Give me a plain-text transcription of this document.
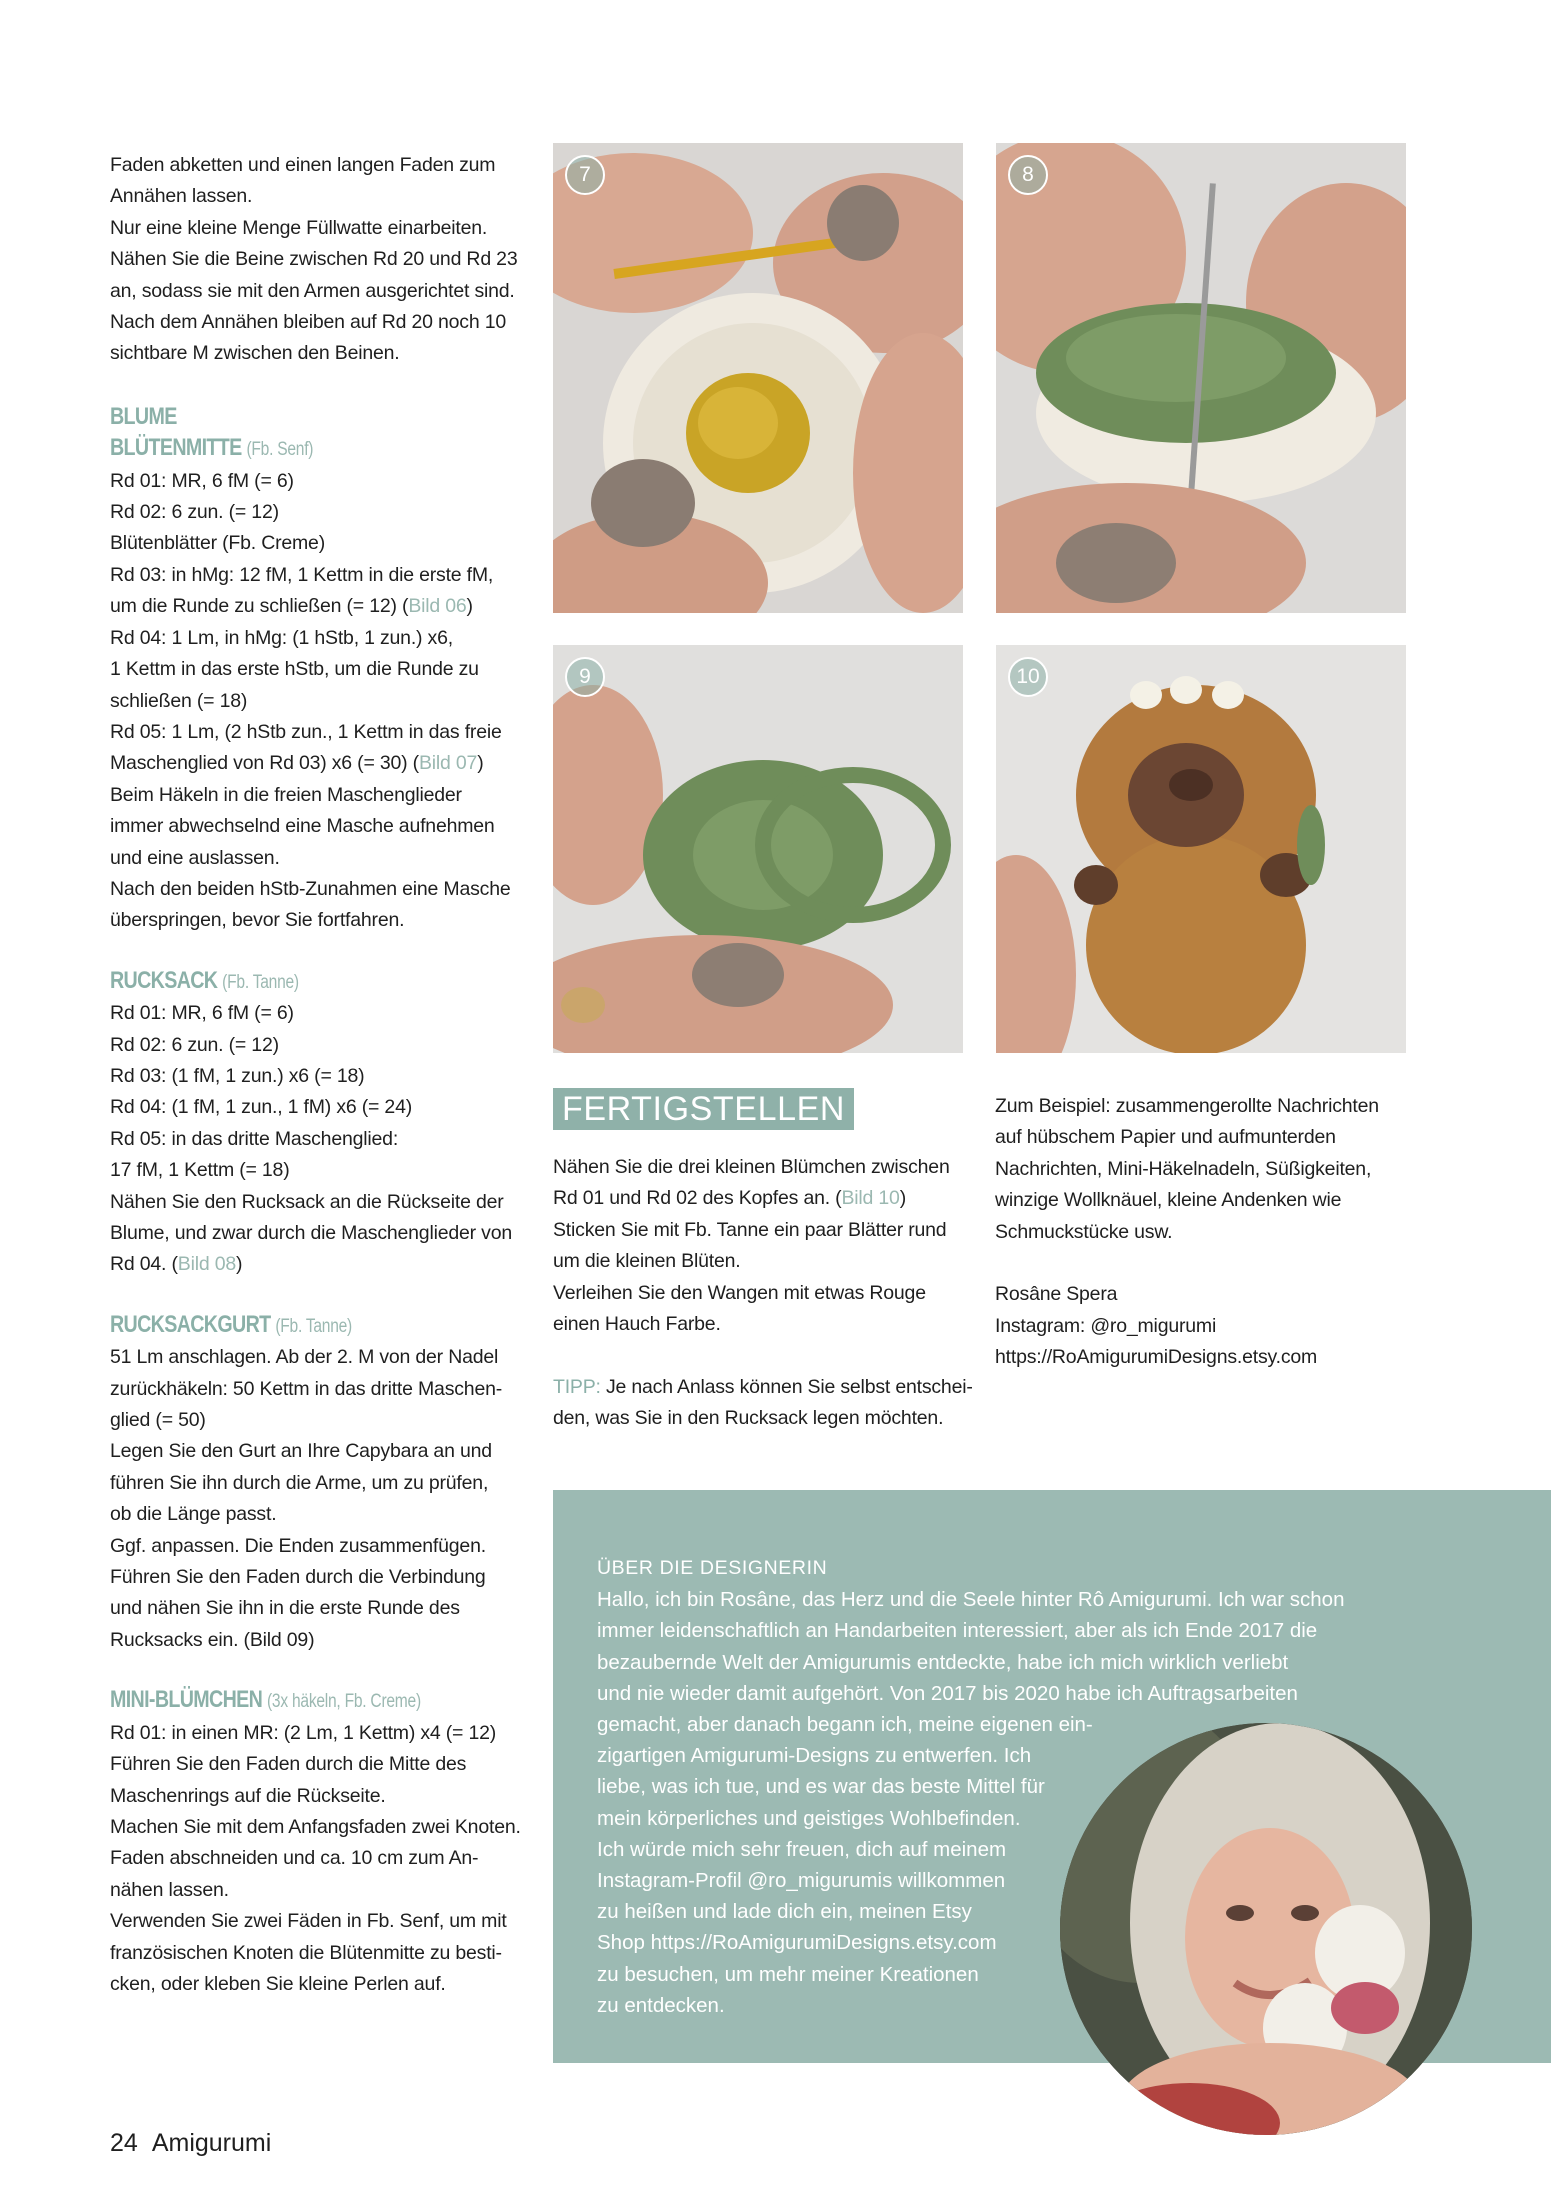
Faden abketten und einen langen Faden zum

Annähen lassen.

Nur eine kleine Menge Füllwatte einarbeiten.

Nähen Sie die Beine zwischen Rd 20 und Rd 23

an, sodass sie mit den Armen ausgerichtet sind.

Nach dem Annähen bleiben auf Rd 20 noch 10

sichtbare M zwischen den Beinen.

BLUME
BLÜTENMITTE (Fb. Senf)

Rd 01: MR, 6 fM (= 6)

Rd 02: 6 zun. (= 12)

Blütenblätter (Fb. Creme)

Rd 03: in hMg: 12 fM, 1 Kettm in die erste fM,

um die Runde zu schließen (= 12) (Bild 06)

Rd 04: 1 Lm, in hMg: (1 hStb, 1 zun.) x6,

1 Kettm in das erste hStb, um die Runde zu

schließen (= 18)

Rd 05: 1 Lm, (2 hStb zun., 1 Kettm in das freie

Maschenglied von Rd 03) x6 (= 30) (Bild 07)

Beim Häkeln in die freien Maschenglieder

immer abwechselnd eine Masche aufnehmen

und eine auslassen.

Nach den beiden hStb-Zunahmen eine Masche

überspringen, bevor Sie fortfahren.

RUCKSACK (Fb. Tanne)

Rd 01: MR, 6 fM (= 6)

Rd 02: 6 zun. (= 12)

Rd 03: (1 fM, 1 zun.) x6 (= 18)

Rd 04: (1 fM, 1 zun., 1 fM) x6 (= 24)

Rd 05: in das dritte Maschenglied:

17 fM, 1 Kettm (= 18)

Nähen Sie den Rucksack an die Rückseite der

Blume, und zwar durch die Maschenglieder von

Rd 04. (Bild 08)

RUCKSACKGURT (Fb. Tanne)

51 Lm anschlagen. Ab der 2. M von der Nadel

zurückhäkeln: 50 Kettm in das dritte Maschen-

glied (= 50)

Legen Sie den Gurt an Ihre Capybara an und

führen Sie ihn durch die Arme, um zu prüfen,

ob die Länge passt.

Ggf. anpassen. Die Enden zusammenfügen.

Führen Sie den Faden durch die Verbindung

und nähen Sie ihn in die erste Runde des

Rucksacks ein. (Bild 09)

MINI-BLÜMCHEN (3x häkeln, Fb. Creme)

Rd 01: in einen MR: (2 Lm, 1 Kettm) x4 (= 12)

Führen Sie den Faden durch die Mitte des

Maschenrings auf die Rückseite.

Machen Sie mit dem Anfangsfaden zwei Knoten.

Faden abschneiden und ca. 10 cm zum An-

nähen lassen.

Verwenden Sie zwei Fäden in Fb. Senf, um mit

französischen Knoten die Blütenmitte zu besti-

cken, oder kleben Sie kleine Perlen auf.

7	8
9	10
FERTIGSTELLEN

Nähen Sie die drei kleinen Blümchen zwischen

Rd 01 und Rd 02 des Kopfes an. (Bild 10)

Sticken Sie mit Fb. Tanne ein paar Blätter rund

um die kleinen Blüten.

Verleihen Sie den Wangen mit etwas Rouge

einen Hauch Farbe.

TIPP: Je nach Anlass können Sie selbst entschei-

den, was Sie in den Rucksack legen möchten.

Zum Beispiel: zusammengerollte Nachrichten

auf hübschem Papier und aufmunterden

Nachrichten, Mini-Häkelnadeln, Süßigkeiten,

winzige Wollknäuel, kleine Andenken wie

Schmuckstücke usw.

Rosâne Spera

Instagram: @ro_migurumi

https://RoAmigurumiDesigns.etsy.com

ÜBER DIE DESIGNERIN

Hallo, ich bin Rosâne, das Herz und die Seele hinter Rô Amigurumi. Ich war schon

immer leidenschaftlich an Handarbeiten interessiert, aber als ich Ende 2017 die

bezaubernde Welt der Amigurumis entdeckte, habe ich mich wirklich verliebt

und nie wieder damit aufgehört. Von 2017 bis 2020 habe ich Auftragsarbeiten

gemacht, aber danach begann ich, meine eigenen ein-

zigartigen Amigurumi-Designs zu entwerfen. Ich

liebe, was ich tue, und es war das beste Mittel für

mein körperliches und geistiges Wohlbefinden.

Ich würde mich sehr freuen, dich auf meinem

Instagram-Profil @ro_migurumis willkommen

zu heißen und lade dich ein, meinen Etsy

Shop https://RoAmigurumiDesigns.etsy.com

zu besuchen, um mehr meiner Kreationen

zu entdecken.

24 Amigurumi
